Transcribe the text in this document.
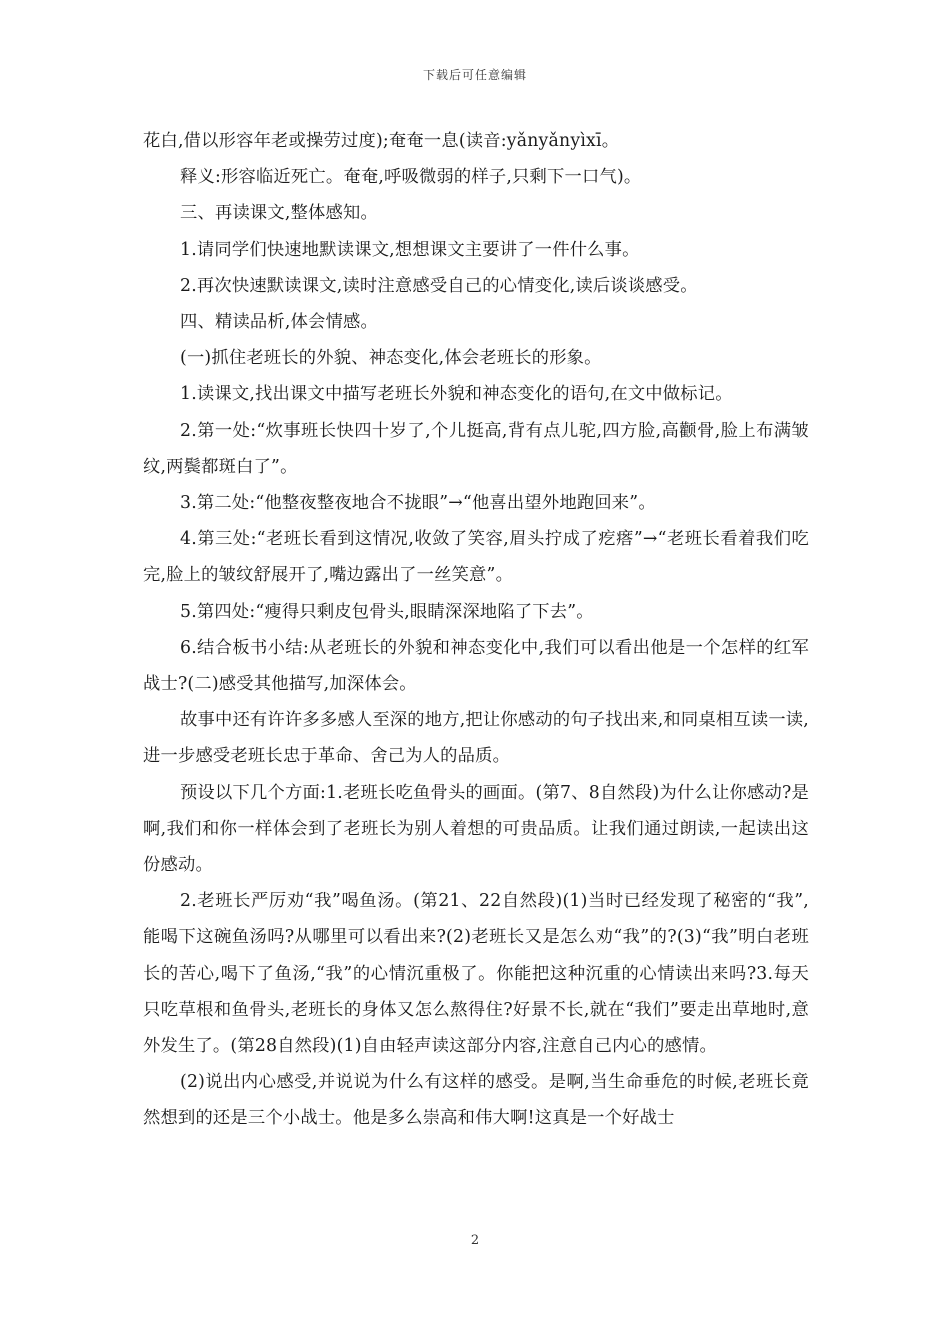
下载后可任意编辑

花白,借以形容年老或操劳过度);奄奄一息(读音:yǎnyǎnyìxī。

释义:形容临近死亡。奄奄,呼吸微弱的样子,只剩下一口气)。

三、再读课文,整体感知。

1.请同学们快速地默读课文,想想课文主要讲了一件什么事。

2.再次快速默读课文,读时注意感受自己的心情变化,读后谈谈感受。

四、精读品析,体会情感。

(一)抓住老班长的外貌、神态变化,体会老班长的形象。

1.读课文,找出课文中描写老班长外貌和神态变化的语句,在文中做标记。

2.第一处:“炊事班长快四十岁了,个儿挺高,背有点儿驼,四方脸,高颧骨,脸上布满皱纹,两鬓都斑白了”。

3.第二处:“他整夜整夜地合不拢眼”→“他喜出望外地跑回来”。

4.第三处:“老班长看到这情况,收敛了笑容,眉头拧成了疙瘩”→“老班长看着我们吃完,脸上的皱纹舒展开了,嘴边露出了一丝笑意”。

5.第四处:“瘦得只剩皮包骨头,眼睛深深地陷了下去”。

6.结合板书小结:从老班长的外貌和神态变化中,我们可以看出他是一个怎样的红军战士?(二)感受其他描写,加深体会。

故事中还有许许多多感人至深的地方,把让你感动的句子找出来,和同桌相互读一读,进一步感受老班长忠于革命、舍己为人的品质。

预设以下几个方面:1.老班长吃鱼骨头的画面。(第7、8自然段)为什么让你感动?是啊,我们和你一样体会到了老班长为别人着想的可贵品质。让我们通过朗读,一起读出这份感动。

2.老班长严厉劝“我”喝鱼汤。(第21、22自然段)(1)当时已经发现了秘密的“我”,能喝下这碗鱼汤吗?从哪里可以看出来?(2)老班长又是怎么劝“我”的?(3)“我”明白老班长的苦心,喝下了鱼汤,“我”的心情沉重极了。你能把这种沉重的心情读出来吗?3.每天只吃草根和鱼骨头,老班长的身体又怎么熬得住?好景不长,就在“我们”要走出草地时,意外发生了。(第28自然段)(1)自由轻声读这部分内容,注意自己内心的感情。

(2)说出内心感受,并说说为什么有这样的感受。是啊,当生命垂危的时候,老班长竟然想到的还是三个小战士。他是多么崇高和伟大啊!这真是一个好战士

2
